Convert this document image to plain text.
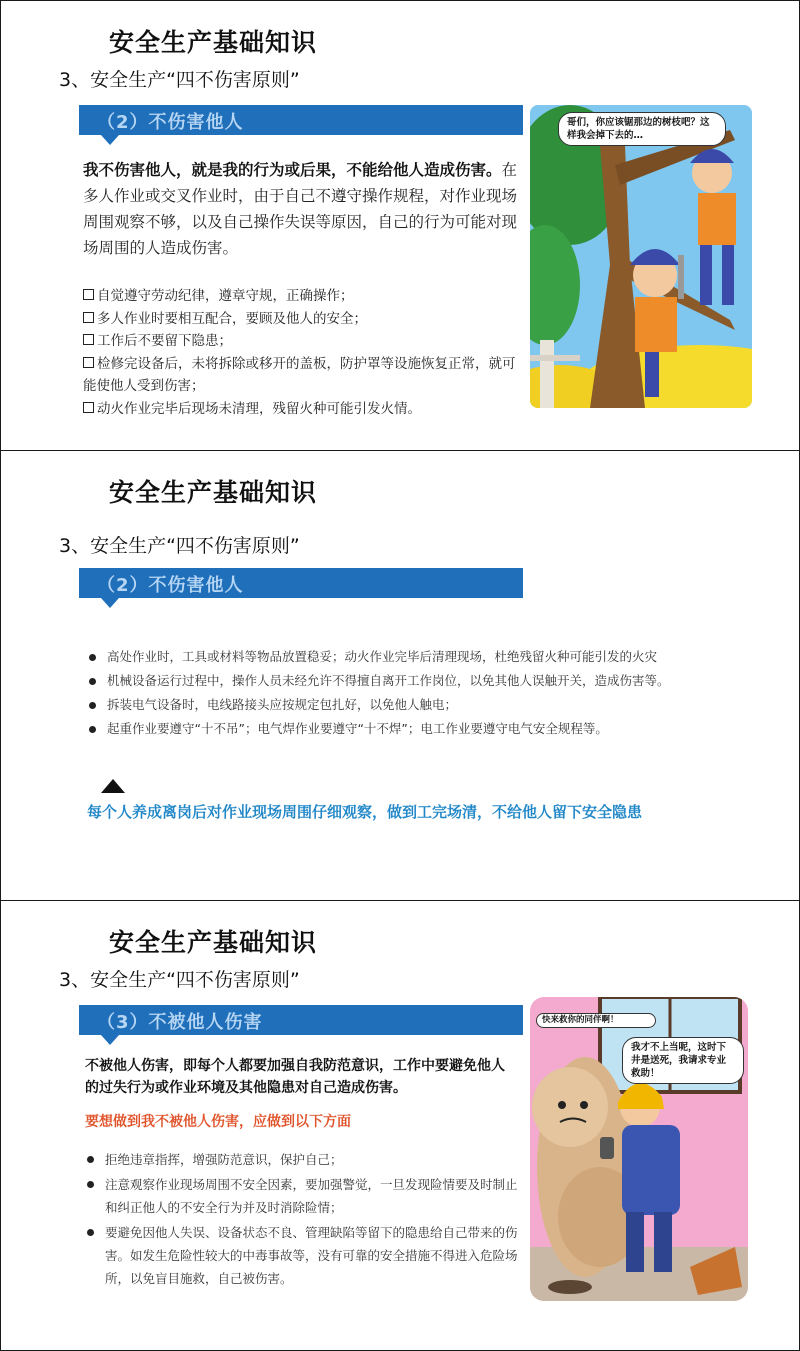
安全生产基础知识
3、安全生产“四不伤害原则”
（2）不伤害他人
我不伤害他人，就是我的行为或后果，不能给他人造成伤害。在多人作业或交叉作业时，由于自己不遵守操作规程，对作业现场周围观察不够，以及自己操作失误等原因，自己的行为可能对现场周围的人造成伤害。
自觉遵守劳动纪律，遵章守规，正确操作；
多人作业时要相互配合，要顾及他人的安全；
工作后不要留下隐患；
检修完设备后，未将拆除或移开的盖板，防护罩等设施恢复正常，就可能使他人受到伤害；
动火作业完毕后现场未清理，残留火种可能引发火情。
哥们，你应该锯那边的树枝吧？这样我会掉下去的…
安全生产基础知识
3、安全生产“四不伤害原则”
（2）不伤害他人
高处作业时，工具或材料等物品放置稳妥；动火作业完毕后清理现场，杜绝残留火种可能引发的火灾
机械设备运行过程中，操作人员未经允许不得擅自离开工作岗位，以免其他人误触开关，造成伤害等。
拆装电气设备时，电线路接头应按规定包扎好，以免他人触电；
起重作业要遵守“十不吊”；电气焊作业要遵守“十不焊”；电工作业要遵守电气安全规程等。
每个人养成离岗后对作业现场周围仔细观察，做到工完场清，不给他人留下安全隐患
安全生产基础知识
3、安全生产“四不伤害原则”
（3）不被他人伤害
不被他人伤害，即每个人都要加强自我防范意识，工作中要避免他人的过失行为或作业环境及其他隐患对自己造成伤害。
要想做到我不被他人伤害，应做到以下方面
拒绝违章指挥，增强防范意识，保护自己；
注意观察作业现场周围不安全因素，要加强警觉，一旦发现险情要及时制止和纠正他人的不安全行为并及时消除险情；
要避免因他人失误、设备状态不良、管理缺陷等留下的隐患给自己带来的伤害。如发生危险性较大的中毒事故等，没有可靠的安全措施不得进入危险场所，以免盲目施救，自己被伤害。
快来救你的同伴啊！
我才不上当呢，这时下井是送死，我请求专业救助！
